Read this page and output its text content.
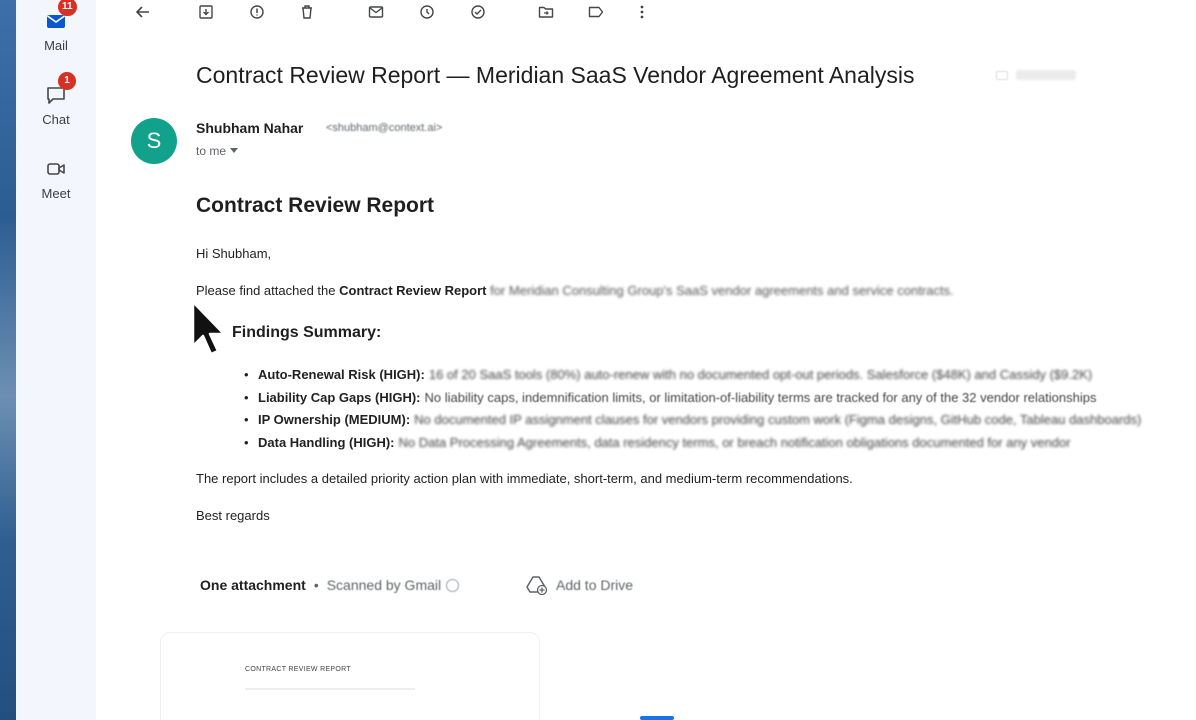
11
Mail
1
Chat
Meet
Contract Review Report — Meridian SaaS Vendor Agreement Analysis
S	Shubham Nahar <shubham@context.ai>
to me
Contract Review Report

Hi Shubham,

Please find attached the Contract Review Report for Meridian Consulting Group's SaaS vendor agreements and service contracts.

Findings Summary:
• Auto-Renewal Risk (HIGH): 16 of 20 SaaS tools (80%) auto-renew with no documented opt-out periods. Salesforce ($48K) and Cassidy ($9.2K)
• Liability Cap Gaps (HIGH): No liability caps, indemnification limits, or limitation-of-liability terms are tracked for any of the 32 vendor relationships
• IP Ownership (MEDIUM): No documented IP assignment clauses for vendors providing custom work (Figma designs, GitHub code, Tableau dashboards)
• Data Handling (HIGH): No Data Processing Agreements, data residency terms, or breach notification obligations documented for any vendor

The report includes a detailed priority action plan with immediate, short-term, and medium-term recommendations.

Best regards

One attachment • Scanned by Gmail	Add to Drive
CONTRACT REVIEW REPORT
